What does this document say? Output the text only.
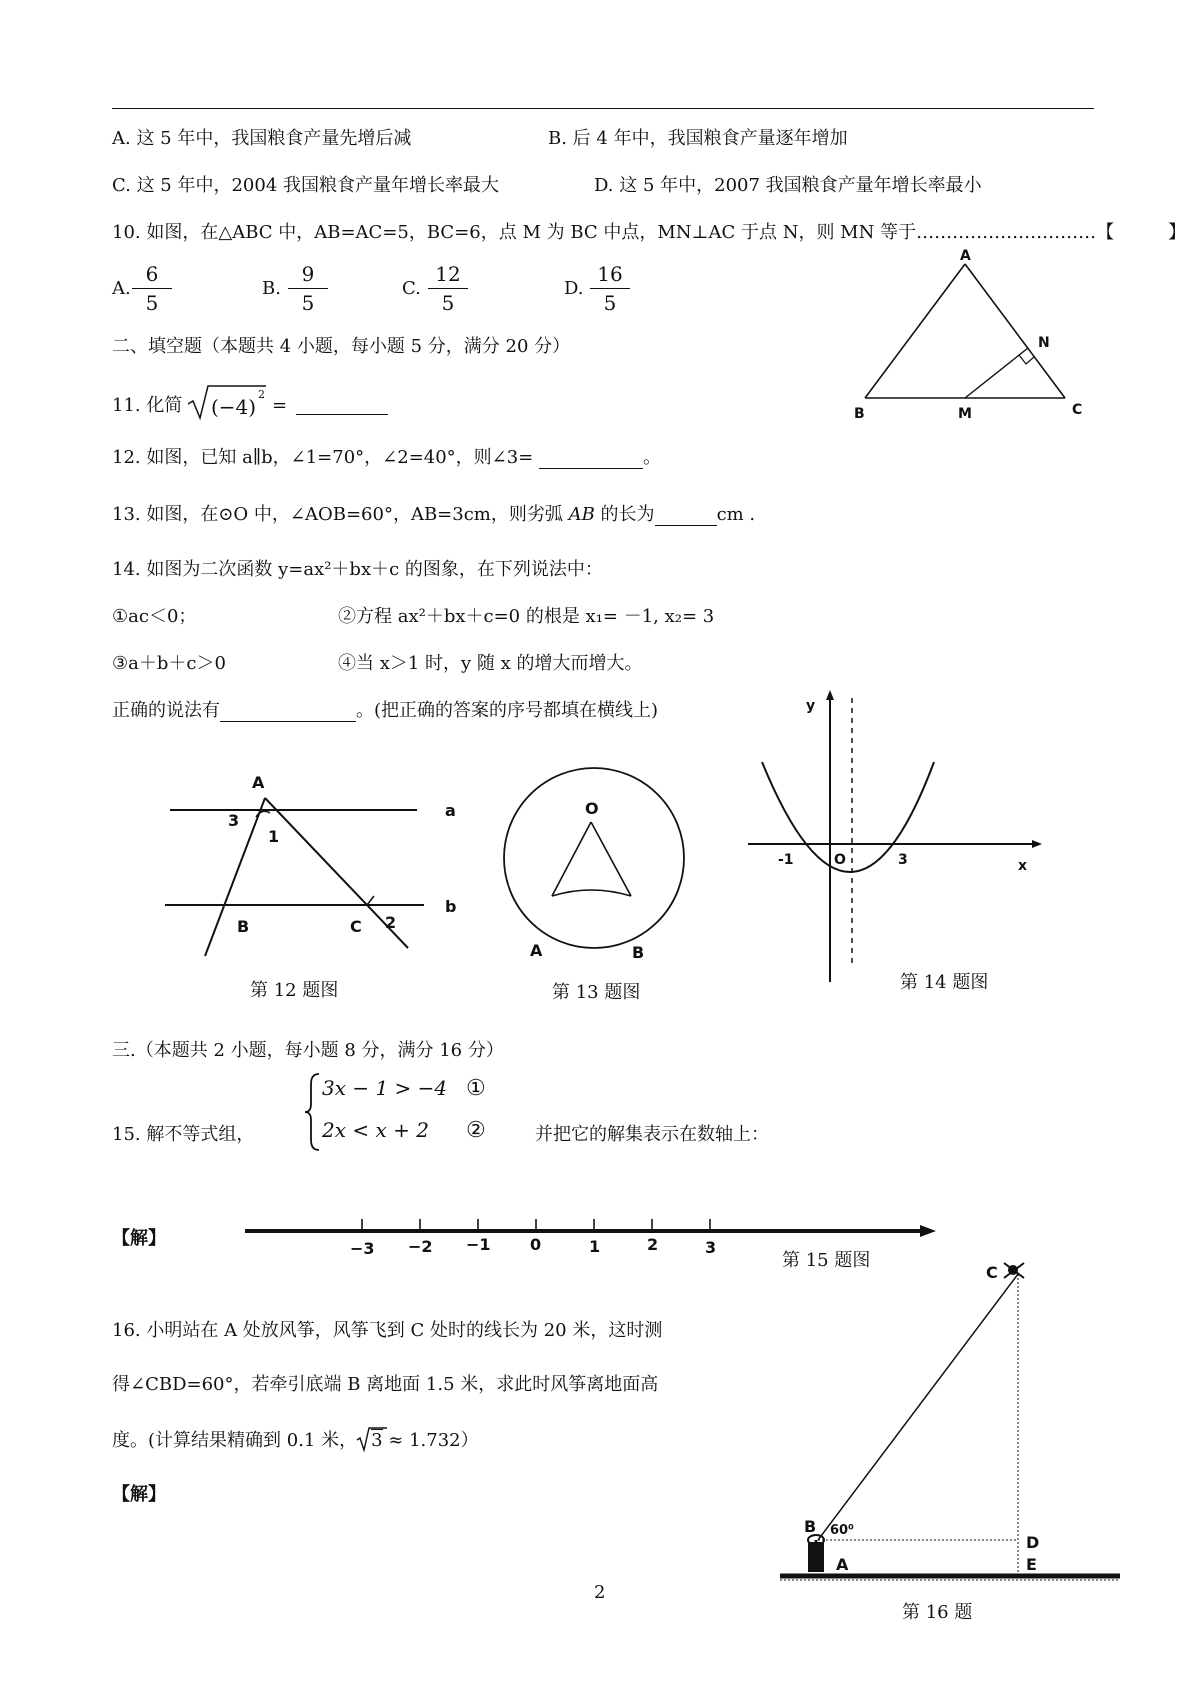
A. 这 5 年中，我国粮食产量先增后减	B. 后 4 年中，我国粮食产量逐年增加
C. 这 5 年中，2004 我国粮食产量年增长率最大	D. 这 5 年中，2007 我国粮食产量年增长率最小
10. 如图，在△ABC 中，AB=AC=5，BC=6，点 M 为 BC 中点，MN⊥AC 于点 N，则 MN 等于…………………………【　　　】
A. $\frac{6}{5}$	B. $\frac{9}{5}$	C. $\frac{12}{5}$	D. $\frac{16}{5}$
A
N
B	M	C
二、填空题（本题共 4 小题，每小题 5 分，满分 20 分）
11. 化简 (−4)
2
=
12. 如图，已知 a∥b，∠1=70°，∠2=40°，则∠3=	。
13. 如图，在⊙O 中，∠AOB=60°，AB=3cm，则劣弧 AB 的长为	cm .
14. 如图为二次函数 y=ax²＋bx＋c 的图象，在下列说法中：
①ac＜0；	②方程 ax²＋bx＋c=0 的根是 x₁= －1, x₂= 3
③a＋b＋c＞0	④当 x＞1 时，y 随 x 的增大而增大。
正确的说法有	。(把正确的答案的序号都填在横线上)
A
3
1
a
B	C 2
b
第 12 题图
O
A	B
第 13 题图
y
x
O
-1	3
第 14 题图
三.（本题共 2 小题，每小题 8 分，满分 16 分）
15. 解不等式组，
3x − 1 > −4
2x < x + 2
①
②	并把它的解集表示在数轴上：
【解】	−3 −2 −1 0	1	2	3
第 15 题图
16. 小明站在 A 处放风筝，风筝飞到 C 处时的线长为 20 米，这时测
得∠CBD=60°，若牵引底端 B 离地面 1.5 米，求此时风筝离地面高
度。(计算结果精确到 0.1 米， 3 ≈ 1.732）
【解】
C
B 60⁰
D
E
A
第 16 题
2
